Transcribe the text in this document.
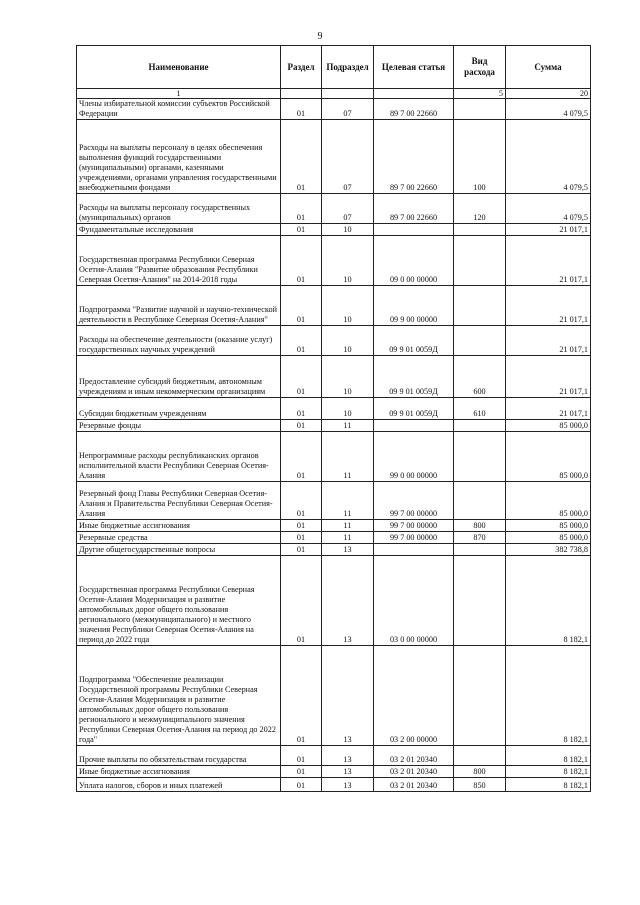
9
Наименование	Раздел	Подраздел	Целевая статья	Вид расхода	Сумма
1				5	20
Члены избирательной комиссии субъектов Российской Федерации	01	07	89 7 00 22660		4 079,5
Расходы на выплаты персоналу в целях обеспечения выполнения функций государственными (муниципальными) органами, казенными учреждениями, органами управления государственными внебюджетными фондами	01	07	89 7 00 22660	100	4 079,5
Расходы на выплаты персоналу государственных (муниципальных) органов	01	07	89 7 00 22660	120	4 079,5
Фундаментальные исследования	01	10			21 017,1
Государственная программа Республики Северная Осетия-Алания "Развитие образования Республики Северная Осетия-Алания" на 2014-2018 годы	01	10	09 0 00 00000		21 017,1
Подпрограмма "Развитие научной и научно-технической деятельности в Республике Северная Осетия-Алания"	01	10	09 9 00 00000		21 017,1
Расходы на обеспечение деятельности (оказание услуг) государственных научных учреждений	01	10	09 9 01 0059Д		21 017,1
Предоставление субсидий бюджетным, автономным учреждениям и иным некоммерческим организациям	01	10	09 9 01 0059Д	600	21 017,1
Субсидии бюджетным учреждениям	01	10	09 9 01 0059Д	610	21 017,1
Резервные фонды	01	11			85 000,0
Непрограммные расходы республиканских органов исполнительной власти Республики Северная Осетия-Алания	01	11	99 0 00 00000		85 000,0
Резервный фонд Главы Республики Северная Осетия-Алания и Правительства Республики Северная Осетия-Алания	01	11	99 7 00 00000		85 000,0
Иные бюджетные ассигнования	01	11	99 7 00 00000	800	85 000,0
Резервные средства	01	11	99 7 00 00000	870	85 000,0
Другие общегосударственные вопросы	01	13			382 738,8
Государственная программа Республики Северная Осетия-Алания Модернизация и развитие автомобильных дорог общего пользования регионального (межмуниципального) и местного значения Республики Северная Осетия-Алания на период до 2022 года	01	13	03 0 00 00000		8 182,1
Подпрограмма "Обеспечение реализации Государственной программы Республики Северная Осетия-Алания Модернизация и развитие автомобильных дорог общего пользования регионального и межмуниципального значения Республики Северная Осетия-Алания на период до 2022 года"	01	13	03 2 00 00000		8 182,1
Прочие выплаты по обязательствам государства	01	13	03 2 01 20340		8 182,1
Иные бюджетные ассигнования	01	13	03 2 01 20340	800	8 182,1
Уплата налогов, сборов и иных платежей	01	13	03 2 01 20340	850	8 182,1
